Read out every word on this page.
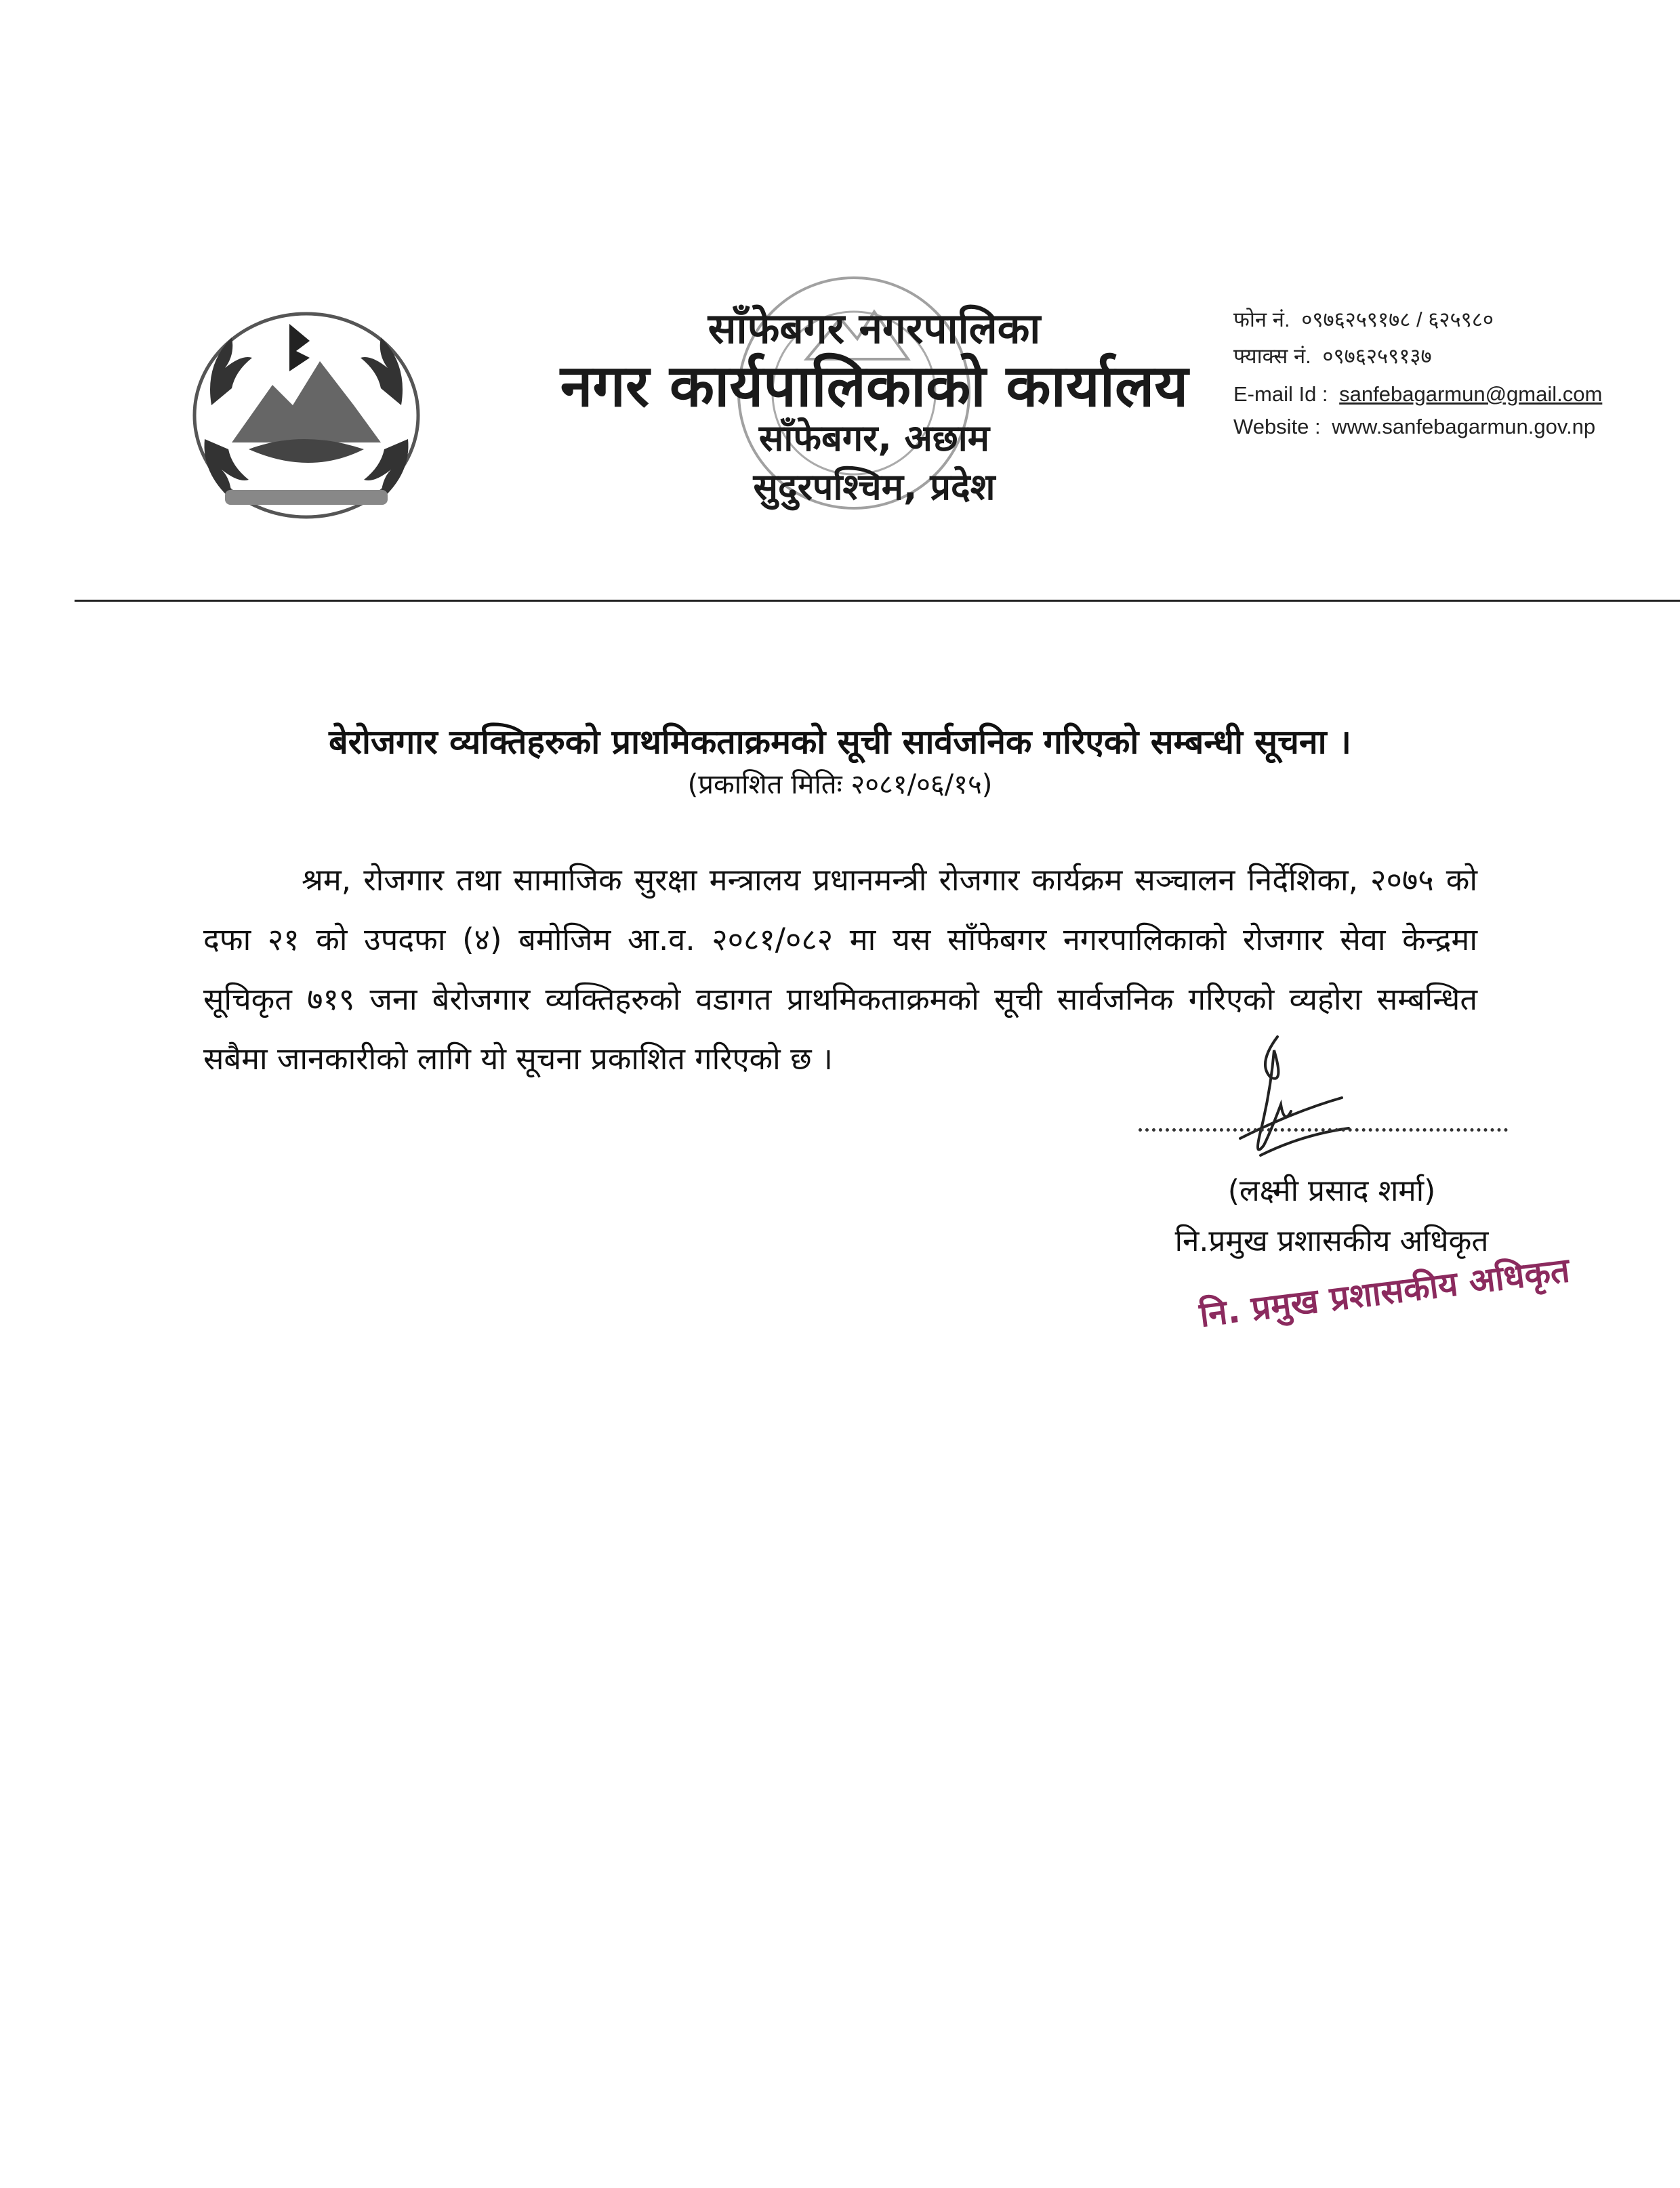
साँफेबगर नगरपालिका
नगर कार्यपालिकाको कार्यालय
साँफेबगर, अछाम
सुदुरपश्चिम, प्रदेश
फोन नं. ०९७६२५९१७८ / ६२५९८०
फ्याक्स नं. ०९७६२५९१३७
E-mail Id : sanfebagarmun@gmail.com
Website : www.sanfebagarmun.gov.np
बेरोजगार व्यक्तिहरुको प्राथमिकताक्रमको सूची सार्वजनिक गरिएको सम्बन्धी सूचना ।
(प्रकाशित मितिः २०८१/०६/१५)
श्रम, रोजगार तथा सामाजिक सुरक्षा मन्त्रालय प्रधानमन्त्री रोजगार कार्यक्रम सञ्चालन निर्देशिका, २०७५ को दफा २१ को उपदफा (४) बमोजिम आ.व. २०८१/०८२ मा यस साँफेबगर नगरपालिकाको रोजगार सेवा केन्द्रमा सूचिकृत ७१९ जना बेरोजगार व्यक्तिहरुको वडागत प्राथमिकताक्रमको सूची सार्वजनिक गरिएको व्यहोरा सम्बन्धित सबैमा जानकारीको लागि यो सूचना प्रकाशित गरिएको छ ।
(लक्ष्मी प्रसाद शर्मा)
नि.प्रमुख प्रशासकीय अधिकृत
नि. प्रमुख प्रशासकीय अधिकृत
